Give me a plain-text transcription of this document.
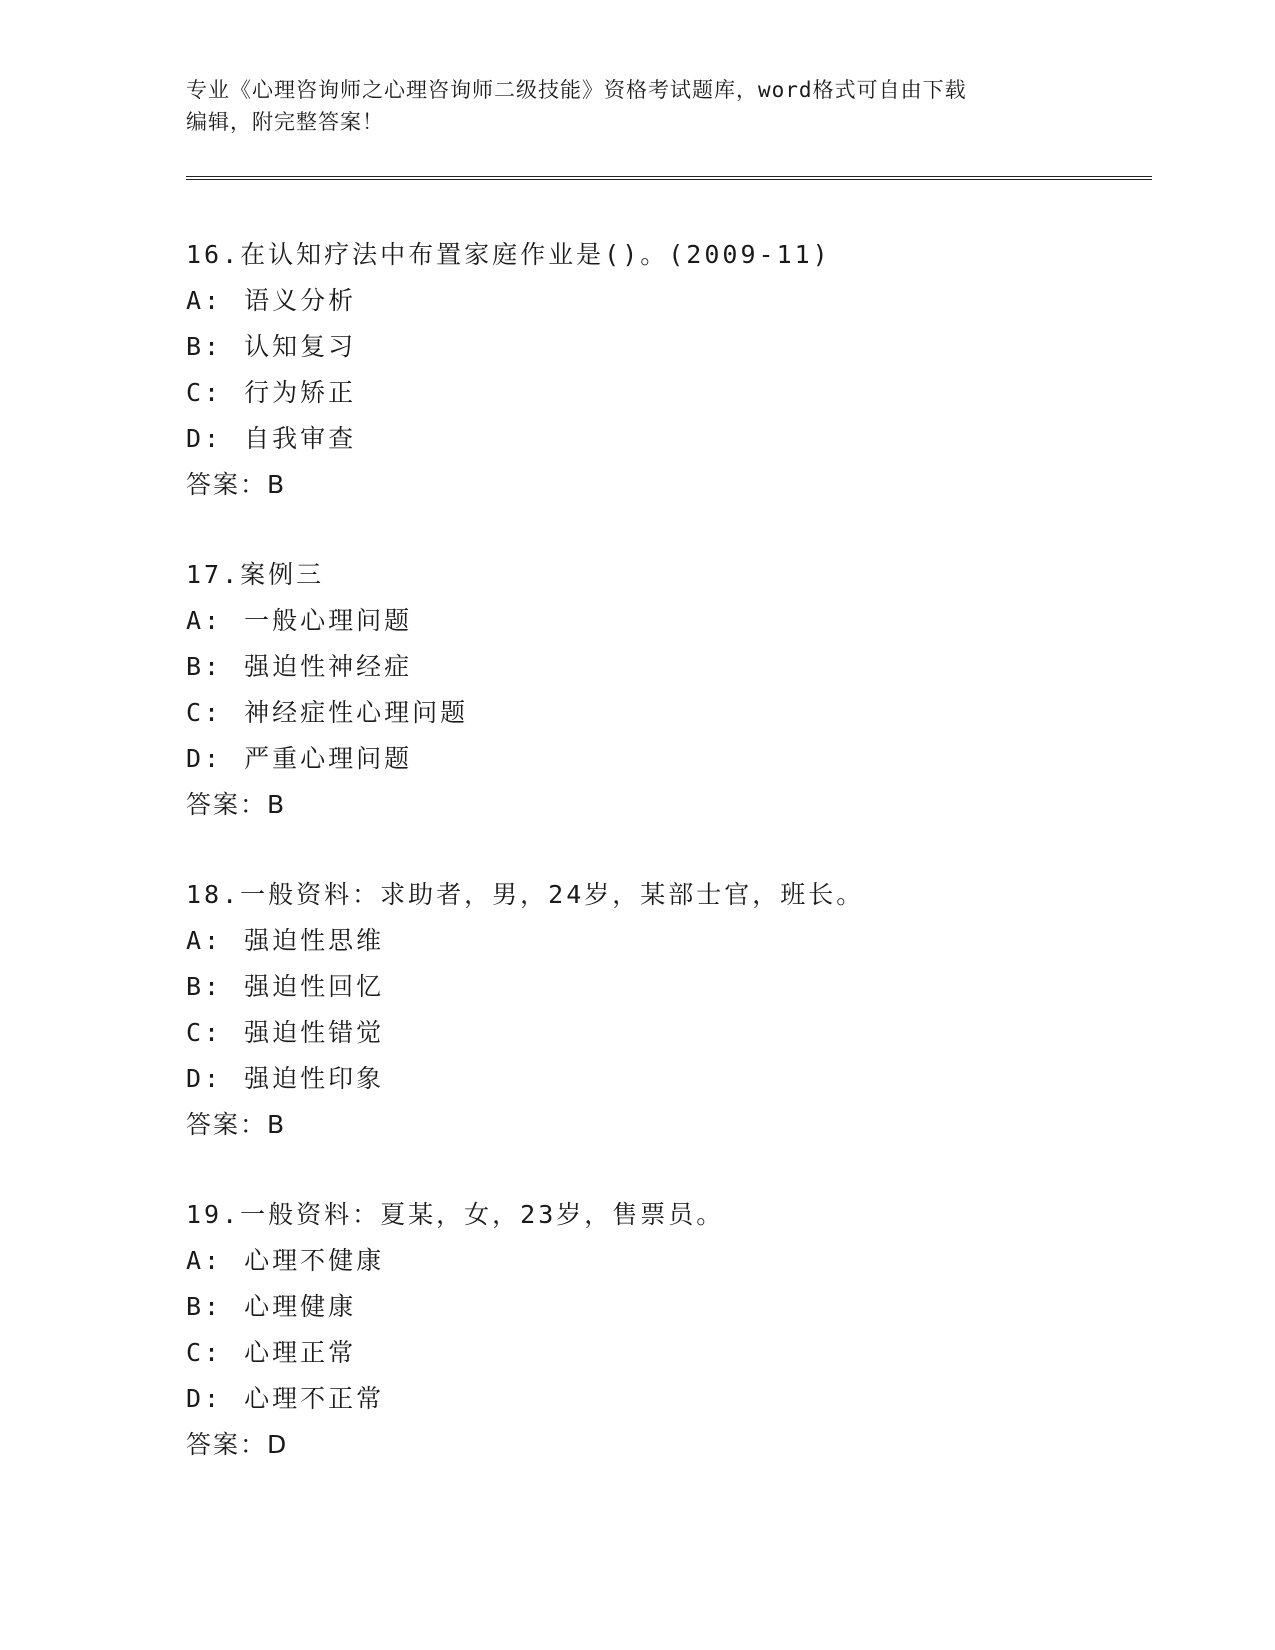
专业《心理咨询师之心理咨询师二级技能》资格考试题库，word格式可自由下载
编辑，附完整答案！
16.在认知疗法中布置家庭作业是()。(2009-11)
A: 语义分析
B: 认知复习
C: 行为矫正
D: 自我审查
答案：B
17.案例三
A: 一般心理问题
B: 强迫性神经症
C: 神经症性心理问题
D: 严重心理问题
答案：B
18.一般资料：求助者，男，24岁，某部士官，班长。
A: 强迫性思维
B: 强迫性回忆
C: 强迫性错觉
D: 强迫性印象
答案：B
19.一般资料：夏某，女，23岁，售票员。
A: 心理不健康
B: 心理健康
C: 心理正常
D: 心理不正常
答案：D
